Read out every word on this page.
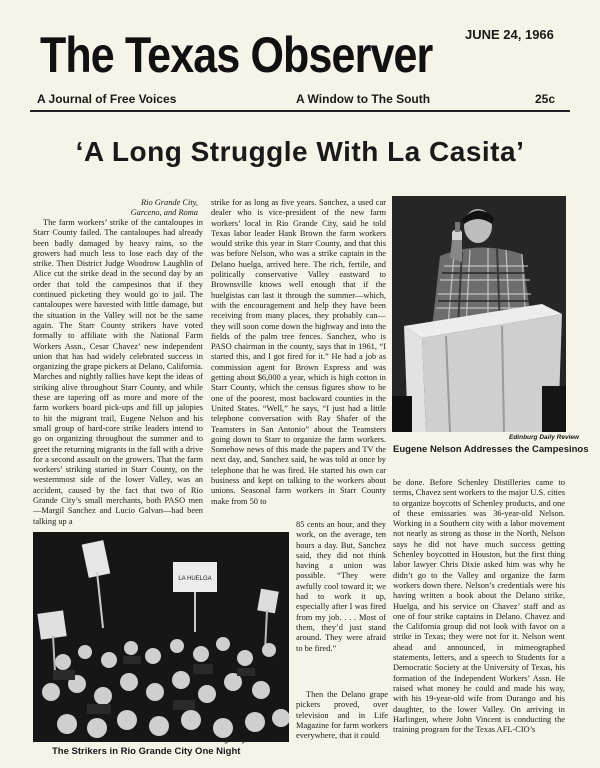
The Texas Observer	JUNE 24, 1966
A Journal of Free Voices	A Window to The South	25c
‘A Long Struggle With La Casita’
Rio Grande City, Garceno, and Roma

The farm workers’ strike of the cantaloupes in Starr County failed. The cantaloupes had already been badly damaged by heavy rains, so the growers had much less to lose each day of the strike. Then District Judge Woodrow Laughlin of Alice cut the strike dead in the second day by an order that told the campesinos that if they continued picketing they would go to jail. The cantaloupes were havested with little damage, but the situation in the Valley will not be the same again. The Starr County strikers have voted formally to affiliate with the National Farm Workers Assn., Cesar Chavez’ new independent union that has had widely celebrated success in organizing the grape pickers at Delano, California. Marches and nightly rallies have kept the ideas of striking alive throughout Starr County, and while these are tapering off as more and more of the farm workers board pick-ups and fill up jalopies to hit the migrant trail, Eugene Nelson and his small group of hard-core strike leaders intend to go on organizing throughout the summer and to greet the returning migrants in the fall with a drive for a second assault on the growers. That the farm workers’ striking started in Starr County, on the westernmost side of the lower Valley, was an accident, caused by the fact that two of Rio Grande City’s small merchants, both PASO men—Margil Sanchez and Lucio Galvan—had been talking up a

strike for as long as five years. Sanchez, a used car dealer who is vice-president of the new farm workers’ local in Rio Grande City, said he told Texas labor leader Hank Brown the farm workers would strike this year in Starr County, and that this was before Nelson, who was a strike captain in the Delano huelga, arrived here. The rich, fertile, and politically conservative Valley eastward to Brownsville knows well enough that if the huelgistas can last it through the summer—which, with the encouragement and help they have been receiving from many places, they probably can—they will soon come down the highway and into the fields of the palm tree fences. Sanchez, who is PASO chairman in the county, says that in 1961, “I started this, and I got fired for it.” He had a job as commission agent for Brown Express and was getting about $6,000 a year, which is high cotton in Starr County, which the census figures show to be one of the poorest, most backward counties in the United States. “Well,” he says, “I just had a little telephone conversation with Ray Shafer of the Teamsters in San Antonio” about the Teamsters going down to Starr to organize the farm workers. Somehow news of this made the papers and TV the next day, and, Sanchez said, he was told at once by telephone that he was fired. He started his own car business and kept on talking to the workers about unions. Seasonal farm workers in Starr County make from 50 to

85 cents an hour, and they work, on the average, ten hours a day. But, Sanchez said, they did not think having a union was possible. “They were awfully cool toward it; we had to work it up, especially after I was fired from my job. . . . Most of them, they’d just stand around. They were afraid to be fired.”

Then the Delano grape pickers proved, over television and in Life Magazine for farm workers everywhere, that it could

be done. Before Schenley Distilleries came to terms, Chavez sent workers to the major U.S. cities to organize boycotts of Schenley products, and one of these emissaries was 36-year-old Nelson. Working in a Southern city with a labor movement not nearly as strong as those in the North, Nelson says he did not have much success getting Schenley boycotted in Houston, but the first thing labor lawyer Chris Dixie asked him was why he didn’t go to the Valley and organize the farm workers down there. Nelson’s credentials were his having written a book about the Delano strike, Huelga, and his service on Chavez’ staff and as one of four strike captains in Delano. Chavez and the California group did not look with favor on a strike in Texas; they were not for it. Nelson went ahead and announced, in mimeographed statements, letters, and a speech to Students for a Democratic Society at the University of Texas, his formation of the Independent Workers’ Assn. He raised what money he could and made his way, with his 19-year-old wife from Durango and his daughter, to the lower Valley. On arriving in Harlingen, where John Vincent is conducting the training program for the Texas AFL-CIO’s

Edinburg Daily Review
Eugene Nelson Addresses the Campesinos
LA HUELGA
Edinburg Daily Review
The Strikers in Rio Grande City One Night
